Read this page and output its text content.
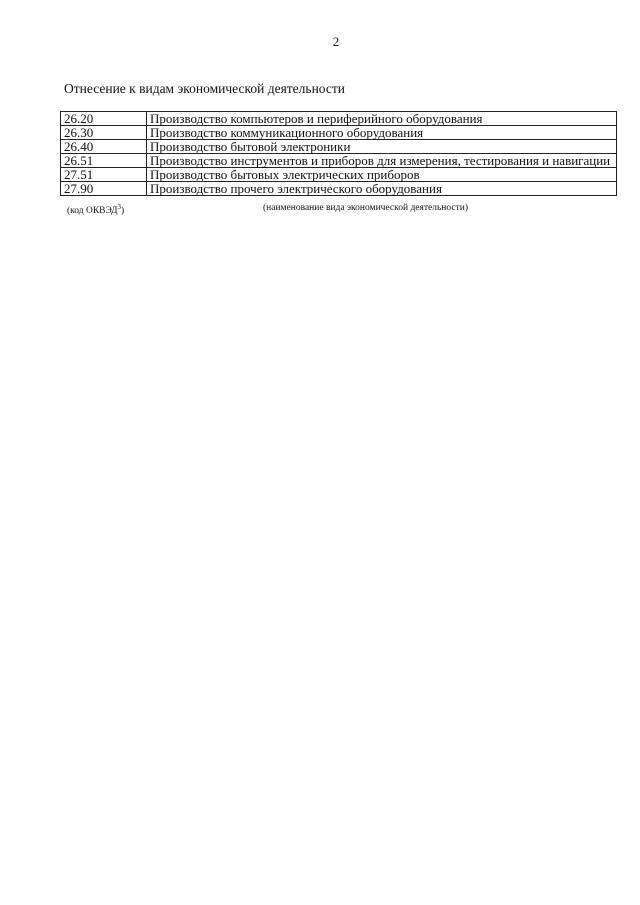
2
Отнесение к видам экономической деятельности
26.20	Производство компьютеров и периферийного оборудования
26.30	Производство коммуникационного оборудования
26.40	Производство бытовой электроники
26.51	Производство инструментов и приборов для измерения, тестирования и навигации
27.51	Производство бытовых электрических приборов
27.90	Производство прочего электрического оборудования
(код ОКВЭД$^3$)	(наименование вида экономической деятельности)
